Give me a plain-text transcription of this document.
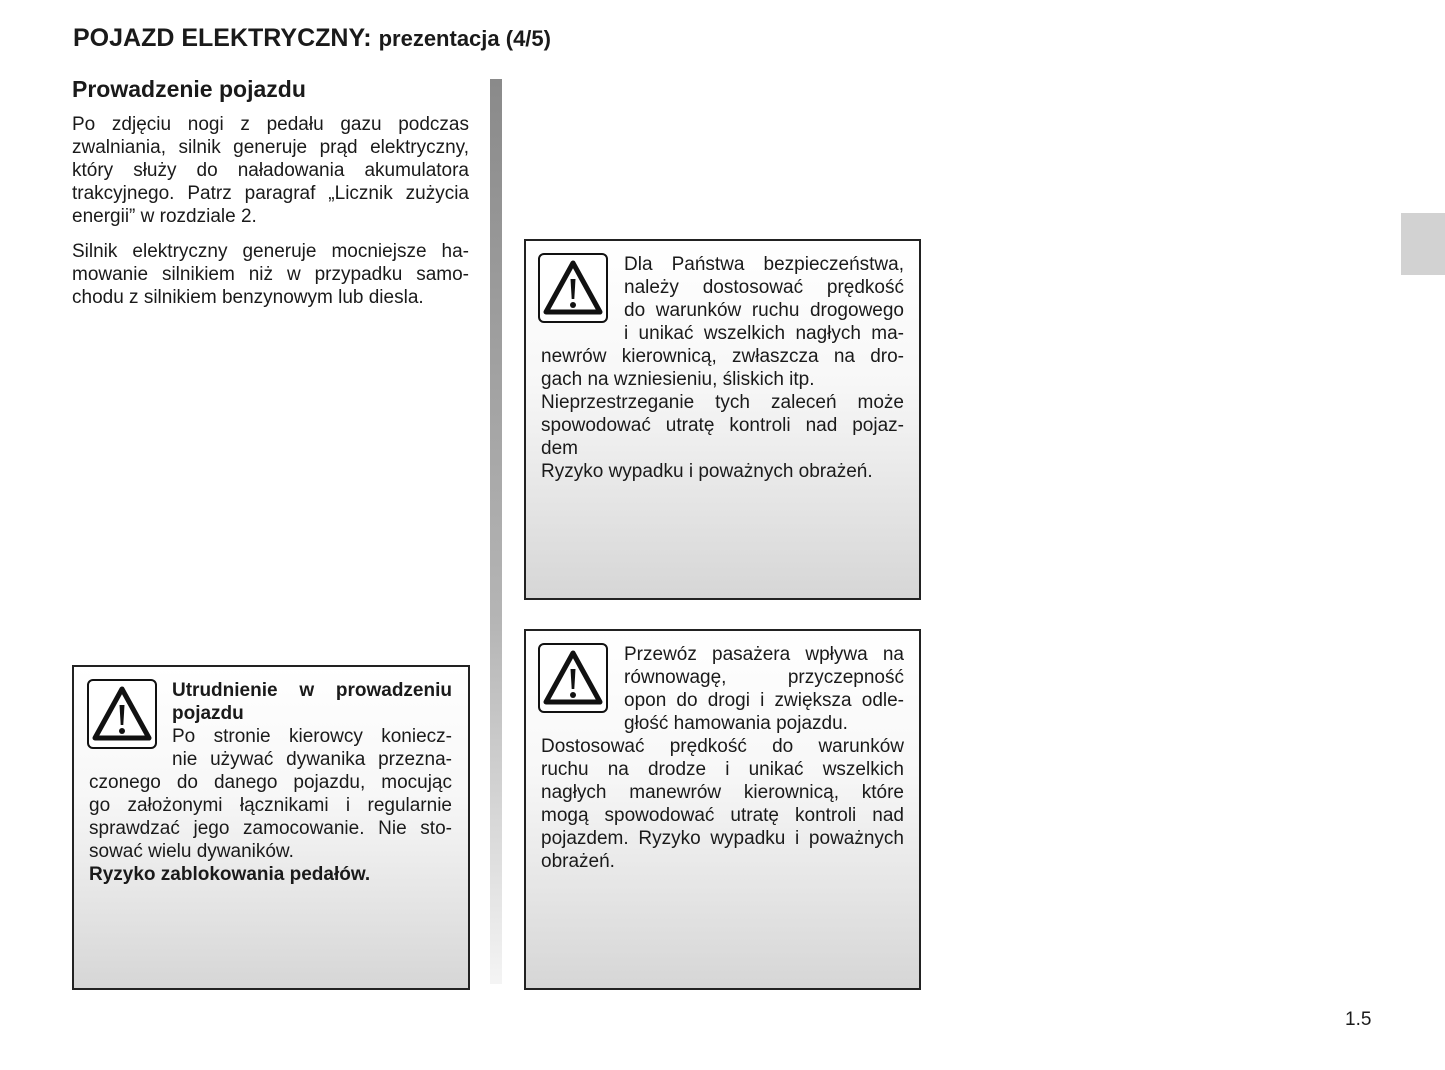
POJAZD ELEKTRYCZNY: prezentacja (4/5)
Prowadzenie pojazdu
Po zdjęciu nogi z pedału gazu podczas
zwalniania, silnik generuje prąd elektryczny,
który służy do naładowania akumulatora
trakcyjnego. Patrz paragraf „Licznik zużycia
energii” w rozdziale 2.
Silnik elektryczny generuje mocniejsze ha-
mowanie silnikiem niż w przypadku samo-
chodu z silnikiem benzynowym lub diesla.
Utrudnienie w prowadzeniu
pojazdu
Po stronie kierowcy koniecz-
nie używać dywanika przezna-
czonego do danego pojazdu, mocując
go założonymi łącznikami i regularnie
sprawdzać jego zamocowanie. Nie sto-
sować wielu dywaników.
Ryzyko zablokowania pedałów.
Dla Państwa bezpieczeństwa,
należy dostosować prędkość
do warunków ruchu drogowego
i unikać wszelkich nagłych ma-
newrów kierownicą, zwłaszcza na dro-
gach na wzniesieniu, śliskich itp.
Nieprzestrzeganie tych zaleceń może
spowodować utratę kontroli nad pojaz-
dem
Ryzyko wypadku i poważnych obrażeń.
Przewóz pasażera wpływa na
równowagę, przyczepność
opon do drogi i zwiększa odle-
głość hamowania pojazdu.
Dostosować prędkość do warunków
ruchu na drodze i unikać wszelkich
nagłych manewrów kierownicą, które
mogą spowodować utratę kontroli nad
pojazdem. Ryzyko wypadku i poważnych
obrażeń.
1.5
